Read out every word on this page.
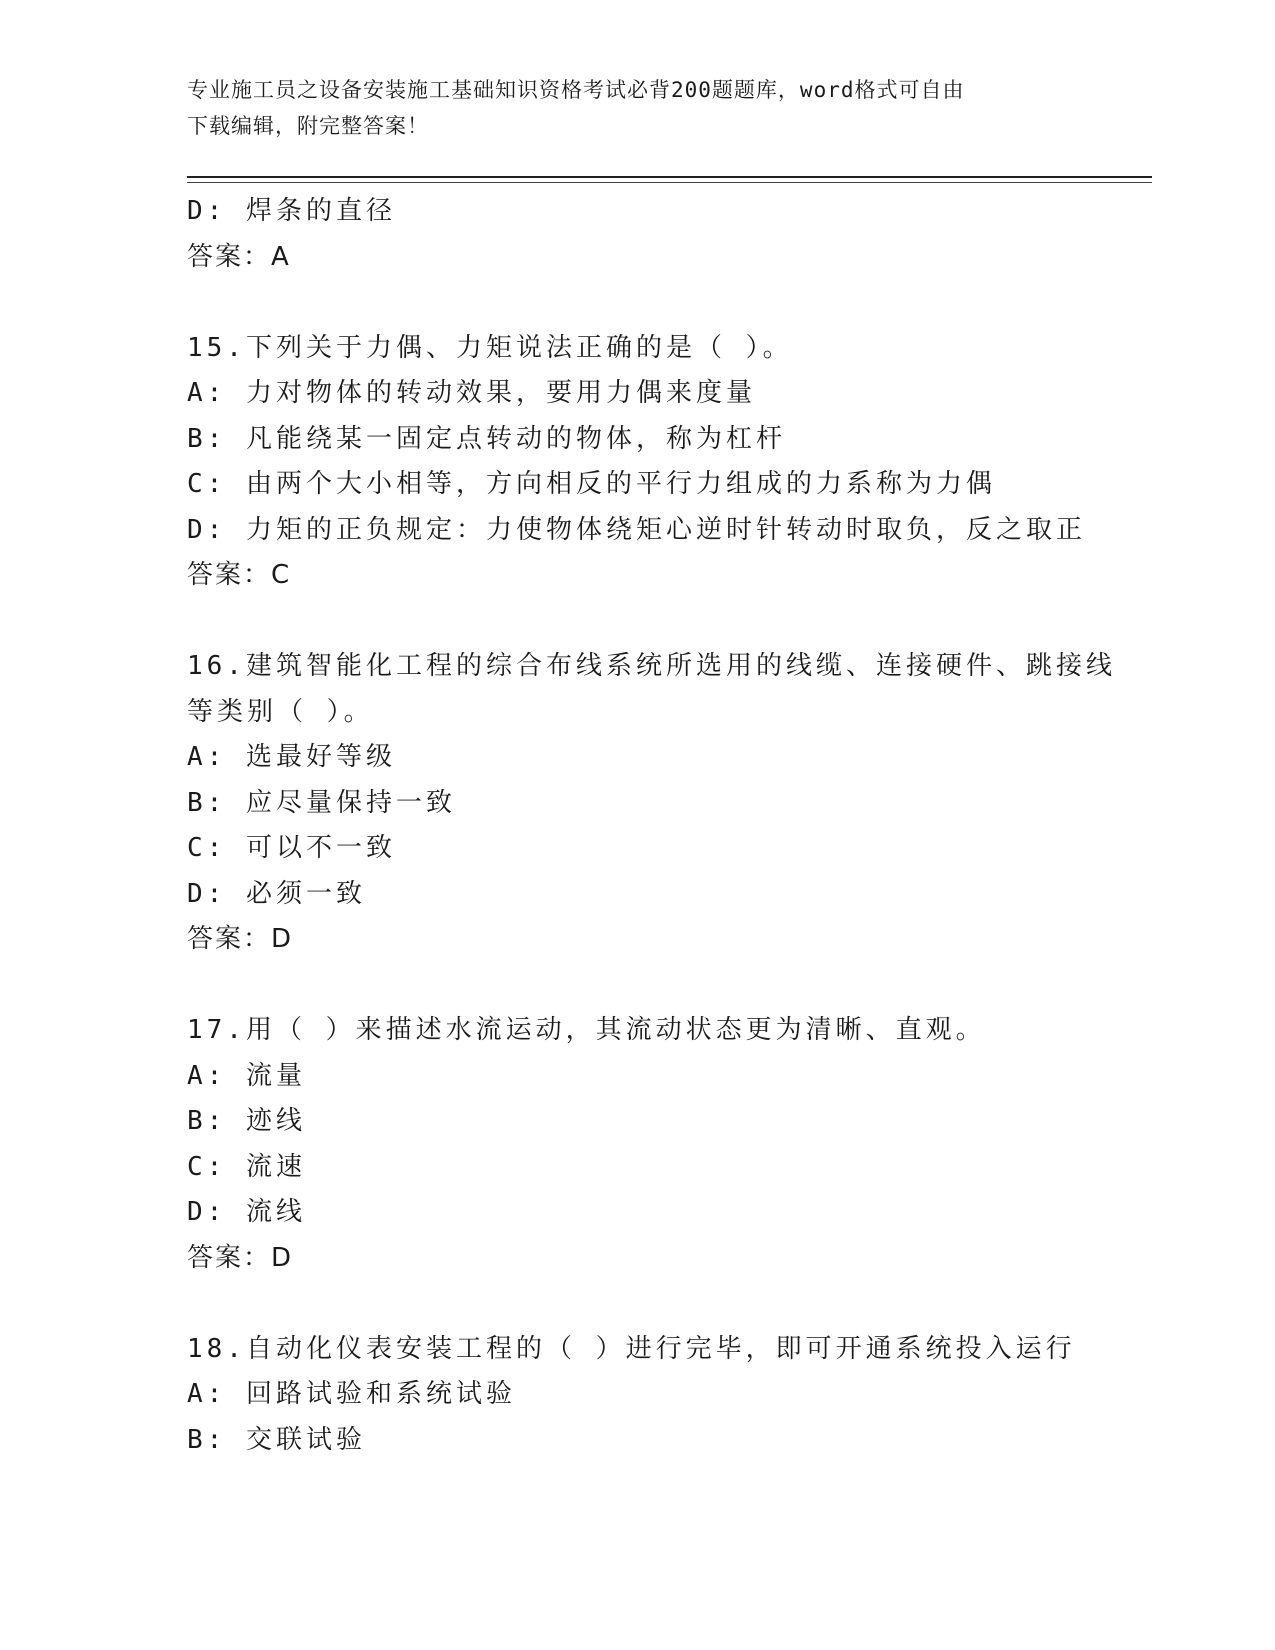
专业施工员之设备安装施工基础知识资格考试必背200题题库，word格式可自由
下载编辑，附完整答案！
D: 焊条的直径
答案：A
15.下列关于力偶、力矩说法正确的是（ ）。
A: 力对物体的转动效果，要用力偶来度量
B: 凡能绕某一固定点转动的物体，称为杠杆
C: 由两个大小相等，方向相反的平行力组成的力系称为力偶
D: 力矩的正负规定：力使物体绕矩心逆时针转动时取负，反之取正
答案：C
16.建筑智能化工程的综合布线系统所选用的线缆、连接硬件、跳接线
等类别（ ）。
A: 选最好等级
B: 应尽量保持一致
C: 可以不一致
D: 必须一致
答案：D
17.用（ ）来描述水流运动，其流动状态更为清晰、直观。
A: 流量
B: 迹线
C: 流速
D: 流线
答案：D
18.自动化仪表安装工程的（ ）进行完毕，即可开通系统投入运行
A: 回路试验和系统试验
B: 交联试验
